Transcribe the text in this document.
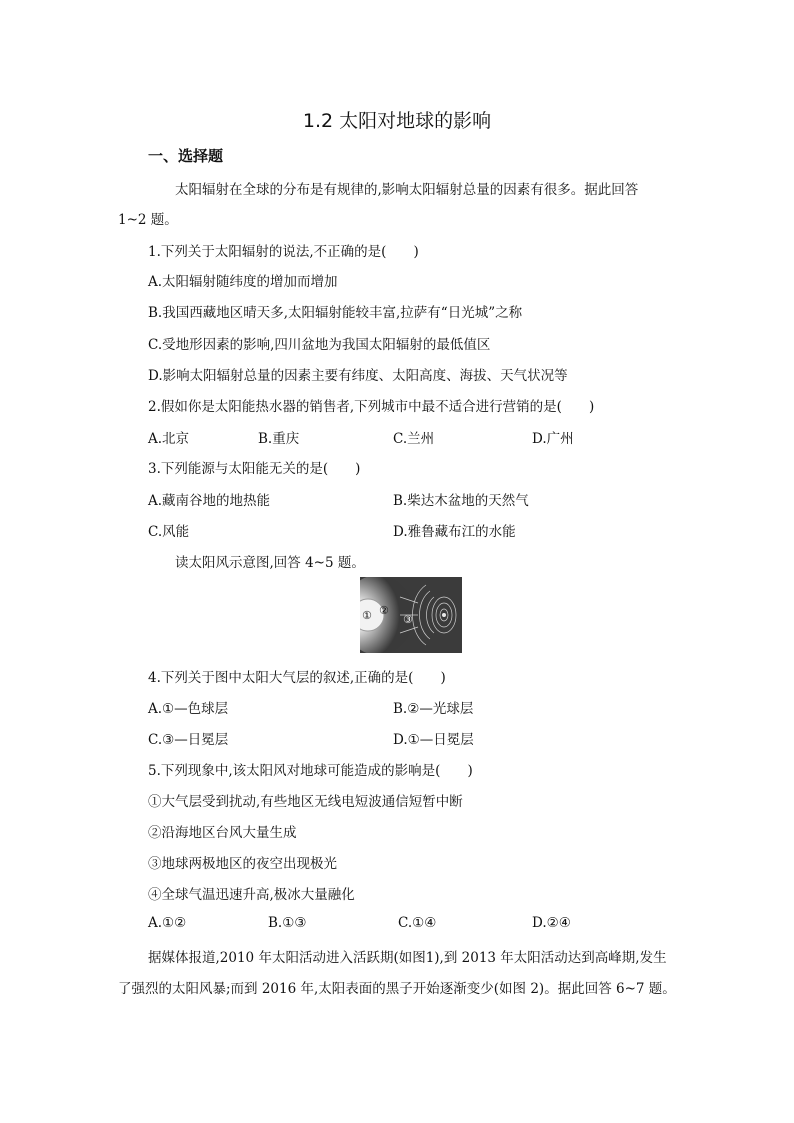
1.2 太阳对地球的影响
一、选择题
太阳辐射在全球的分布是有规律的,影响太阳辐射总量的因素有很多。据此回答
1~2 题。
1.下列关于太阳辐射的说法,不正确的是(　　)
A.太阳辐射随纬度的增加而增加
B.我国西藏地区晴天多,太阳辐射能较丰富,拉萨有“日光城”之称
C.受地形因素的影响,四川盆地为我国太阳辐射的最低值区
D.影响太阳辐射总量的因素主要有纬度、太阳高度、海拔、天气状况等
2.假如你是太阳能热水器的销售者,下列城市中最不适合进行营销的是(　　)
A.北京	B.重庆	C.兰州	D.广州
3.下列能源与太阳能无关的是(　　)
A.藏南谷地的地热能	B.柴达木盆地的天然气
C.风能	D.雅鲁藏布江的水能
读太阳风示意图,回答 4~5 题。
① ②
③
4.下列关于图中太阳大气层的叙述,正确的是(　　)
A.①—色球层	B.②—光球层
C.③—日冕层	D.①—日冕层
5.下列现象中,该太阳风对地球可能造成的影响是(　　)
①大气层受到扰动,有些地区无线电短波通信短暂中断
②沿海地区台风大量生成
③地球两极地区的夜空出现极光
④全球气温迅速升高,极冰大量融化
A.①②	B.①③	C.①④	D.②④
据媒体报道,2010 年太阳活动进入活跃期(如图1),到 2013 年太阳活动达到高峰期,发生
了强烈的太阳风暴;而到 2016 年,太阳表面的黑子开始逐渐变少(如图 2)。据此回答 6~7 题。
